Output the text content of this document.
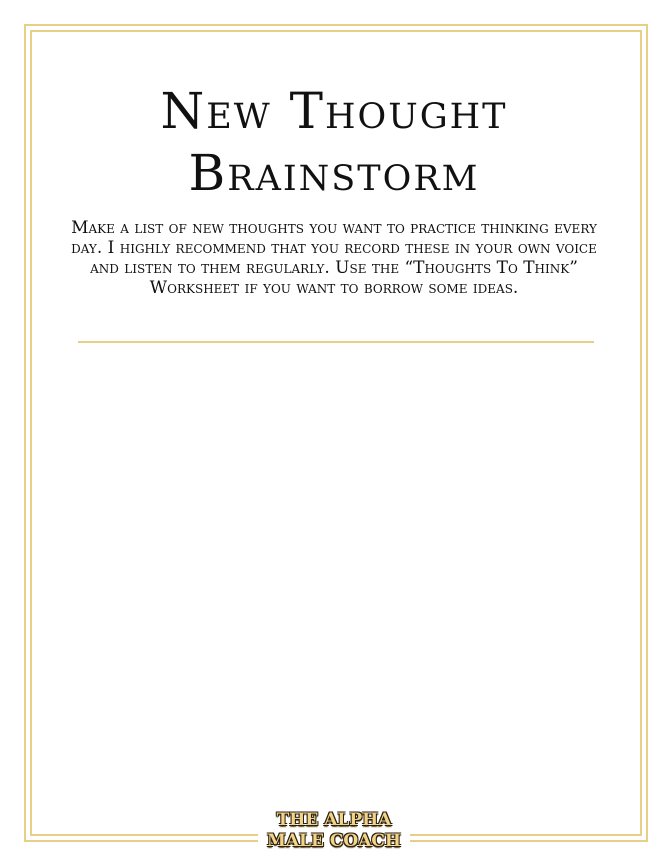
New Thought
Brainstorm

Make a list of new thoughts you want to practice thinking every day. I highly recommend that you record these in your own voice and listen to them regularly. Use the “Thoughts To Think” Worksheet if you want to borrow some ideas.

THE ALPHA
MALE COACH
